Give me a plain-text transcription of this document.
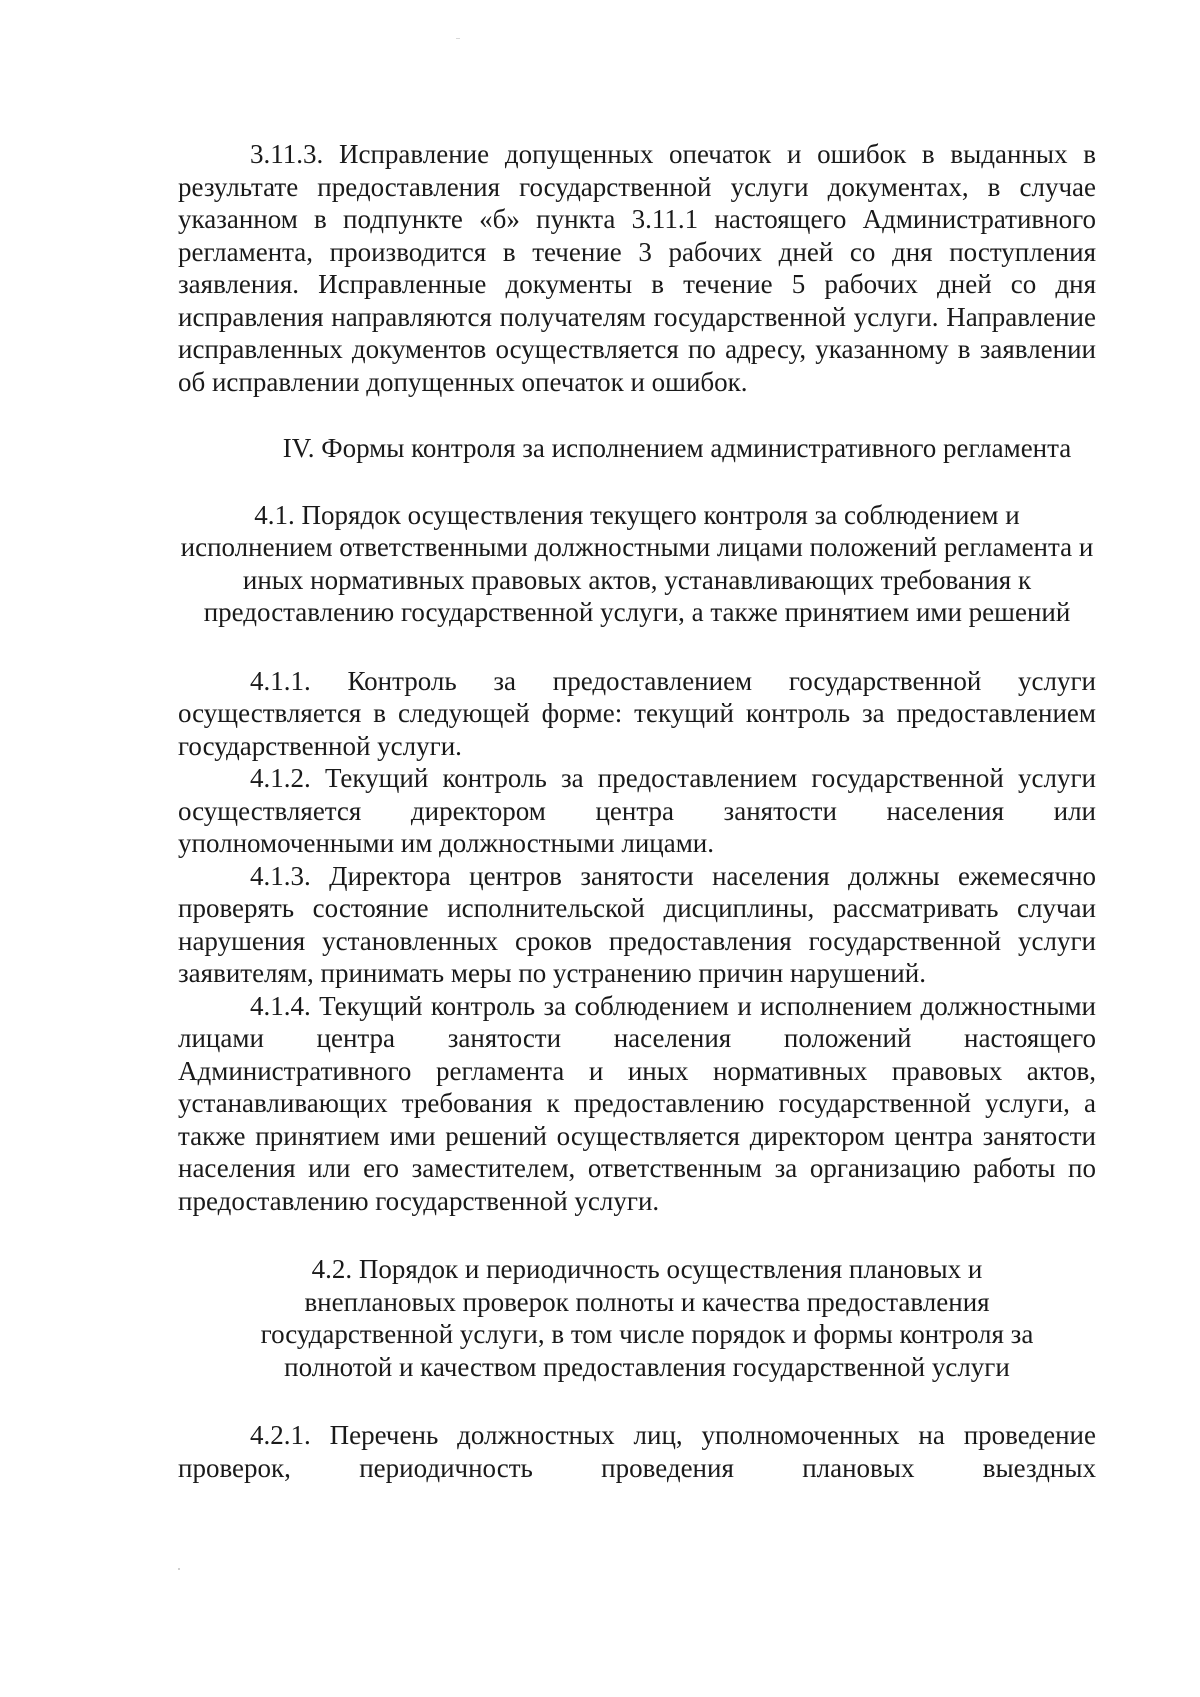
3.11.3. Исправление допущенных опечаток и ошибок в выданных в результате предоставления государственной услуги документах, в случае указанном в подпункте «б» пункта 3.11.1 настоящего Административного регламента, производится в течение 3 рабочих дней со дня поступления заявления. Исправленные документы в течение 5 рабочих дней со дня исправления направляются получателям государственной услуги. Направление исправленных документов осуществляется по адресу, указанному в заявлении об исправлении допущенных опечаток и ошибок.

IV. Формы контроля за исполнением административного регламента

4.1. Порядок осуществления текущего контроля за соблюдением и исполнением ответственными должностными лицами положений регламента и иных нормативных правовых актов, устанавливающих требования к предоставлению государственной услуги, а также принятием ими решений

4.1.1. Контроль за предоставлением государственной услуги осуществляется в следующей форме: текущий контроль за предоставлением государственной услуги.

4.1.2. Текущий контроль за предоставлением государственной услуги осуществляется директором центра занятости населения или уполномоченными им должностными лицами.

4.1.3. Директора центров занятости населения должны ежемесячно проверять состояние исполнительской дисциплины, рассматривать случаи нарушения установленных сроков предоставления государственной услуги заявителям, принимать меры по устранению причин нарушений.

4.1.4. Текущий контроль за соблюдением и исполнением должностными лицами центра занятости населения положений настоящего Административного регламента и иных нормативных правовых актов, устанавливающих требования к предоставлению государственной услуги, а также принятием ими решений осуществляется директором центра занятости населения или его заместителем, ответственным за организацию работы по предоставлению государственной услуги.

4.2. Порядок и периодичность осуществления плановых и внеплановых проверок полноты и качества предоставления государственной услуги, в том числе порядок и формы контроля за полнотой и качеством предоставления государственной услуги

4.2.1. Перечень должностных лиц, уполномоченных на проведение проверок, периодичность проведения плановых выездных
